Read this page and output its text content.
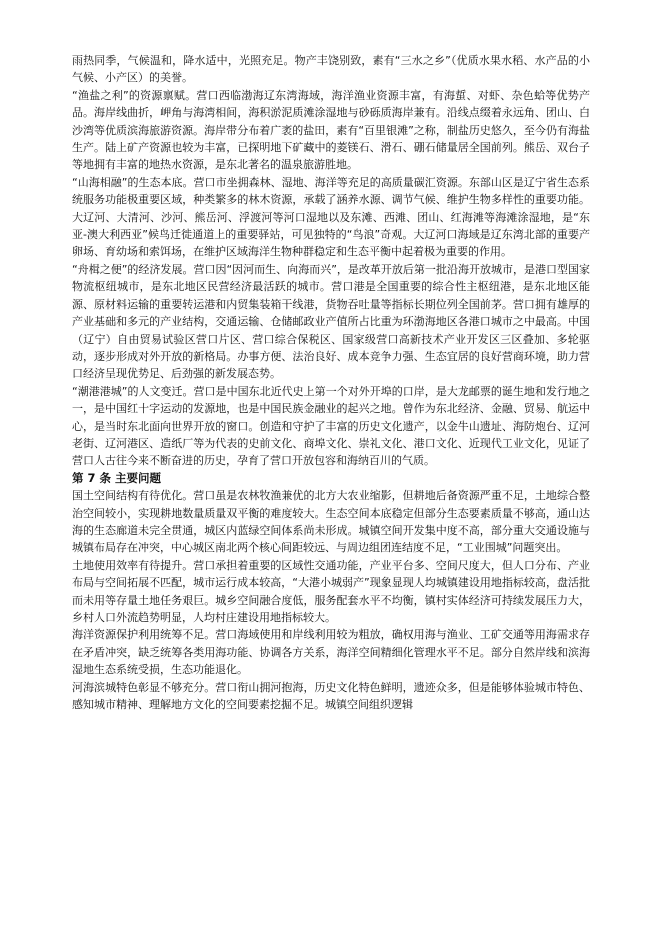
雨热同季，气候温和，降水适中，光照充足。物产丰饶别致，素有“三水之乡”（优质水果水稻、水产品的小气候、小产区）的美誉。

“渔盐之利”的资源禀赋。营口西临渤海辽东湾海域，海洋渔业资源丰富，有海蜇、对虾、杂色蛤等优势产品。海岸线曲折，岬角与海湾相间，海积淤泥质滩涂湿地与砂砾质海岸兼有。沿线点缀着永远角、团山、白沙湾等优质滨海旅游资源。海岸带分布着广袤的盐田，素有“百里银滩”之称，制盐历史悠久，至今仍有海盐生产。陆上矿产资源也较为丰富，已探明地下矿藏中的菱镁石、滑石、硼石储量居全国前列。熊岳、双台子等地拥有丰富的地热水资源，是东北著名的温泉旅游胜地。

“山海相融”的生态本底。营口市坐拥森林、湿地、海洋等充足的高质量碳汇资源。东部山区是辽宁省生态系统服务功能极重要区域，种类繁多的林木资源，承载了涵养水源、调节气候、维护生物多样性的重要功能。大辽河、大清河、沙河、熊岳河、浮渡河等河口湿地以及东滩、西滩、团山、红海滩等海滩涂湿地，是“东亚-澳大利西亚”候鸟迁徙通道上的重要驿站，可见独特的“鸟浪”奇观。大辽河口海域是辽东湾北部的重要产卵场、育幼场和索饵场，在维护区域海洋生物种群稳定和生态平衡中起着极为重要的作用。

“舟楫之便”的经济发展。营口因“因河而生、向海而兴”，是改革开放后第一批沿海开放城市，是港口型国家物流枢纽城市，是东北地区民营经济最活跃的城市。营口港是全国重要的综合性主枢纽港，是东北地区能源、原材料运输的重要转运港和内贸集装箱干线港，货物吞吐量等指标长期位列全国前茅。营口拥有雄厚的产业基础和多元的产业结构，交通运输、仓储邮政业产值所占比重为环渤海地区各港口城市之中最高。中国（辽宁）自由贸易试验区营口片区、营口综合保税区、国家级营口高新技术产业开发区三区叠加、多轮驱动，逐步形成对外开放的新格局。办事方便、法治良好、成本竞争力强、生态宜居的良好营商环境，助力营口经济呈现优势足、后劲强的新发展态势。

“潮港港城”的人文变迁。营口是中国东北近代史上第一个对外开埠的口岸，是大龙邮票的诞生地和发行地之一，是中国红十字运动的发源地，也是中国民族金融业的起兴之地。曾作为东北经济、金融、贸易、航运中心，是当时东北面向世界开放的窗口。创造和守护了丰富的历史文化遗产，以金牛山遗址、海防炮台、辽河老街、辽河港区、造纸厂等为代表的史前文化、商埠文化、崇礼文化、港口文化、近现代工业文化，见证了营口人古往今来不断奋进的历史，孕育了营口开放包容和海纳百川的气质。

第 7 条 主要问题

国土空间结构有待优化。营口虽是农林牧渔兼优的北方大农业缩影，但耕地后备资源严重不足，土地综合整治空间较小，实现耕地数量质量双平衡的难度较大。生态空间本底稳定但部分生态要素质量不够高，通山达海的生态廊道未完全贯通，城区内蓝绿空间体系尚未形成。城镇空间开发集中度不高，部分重大交通设施与城镇布局存在冲突，中心城区南北两个核心间距较远、与周边组团连结度不足，“工业围城”问题突出。

土地使用效率有待提升。营口承担着重要的区域性交通功能，产业平台多、空间尺度大，但人口分布、产业布局与空间拓展不匹配，城市运行成本较高，“大港小城弱产”现象显现人均城镇建设用地指标较高，盘活批而未用等存量土地任务艰巨。城乡空间融合度低，服务配套水平不均衡，镇村实体经济可持续发展压力大，乡村人口外流趋势明显，人均村庄建设用地指标较大。

海洋资源保护利用统筹不足。营口海域使用和岸线利用较为粗放，确权用海与渔业、工矿交通等用海需求存在矛盾冲突，缺乏统筹各类用海功能、协调各方关系，海洋空间精细化管理水平不足。部分自然岸线和滨海湿地生态系统受损，生态功能退化。

河海滨城特色彰显不够充分。营口衔山拥河抱海，历史文化特色鲜明，遗迹众多，但是能够体验城市特色、感知城市精神、理解地方文化的空间要素挖掘不足。城镇空间组织逻辑
